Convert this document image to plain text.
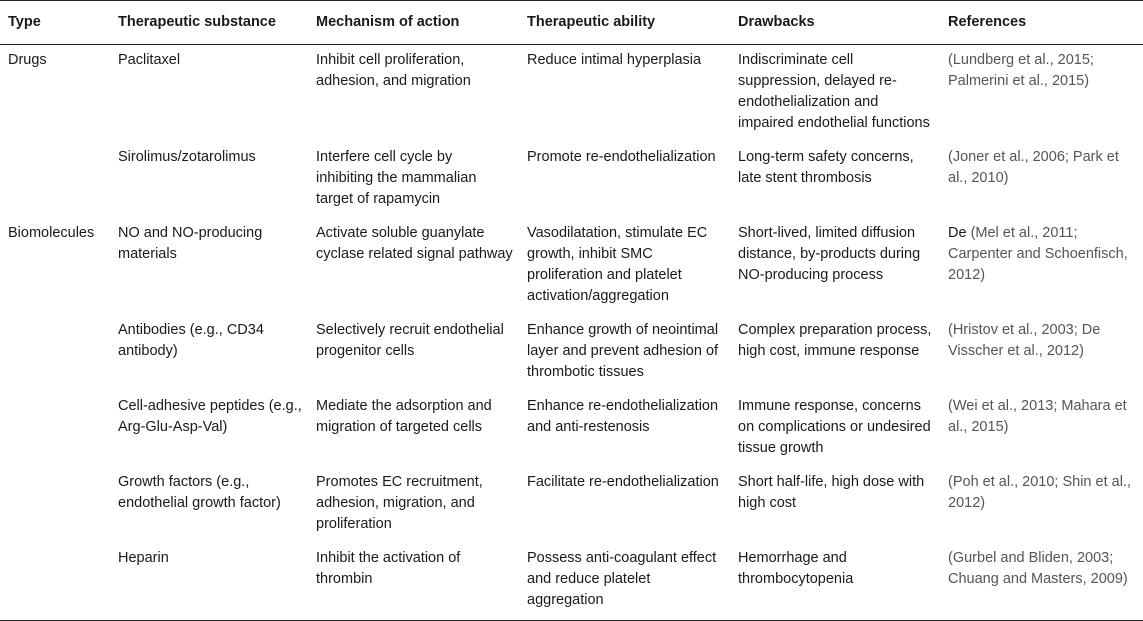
Type	Therapeutic substance	Mechanism of action	Therapeutic ability	Drawbacks	References
Drugs	Paclitaxel	Inhibit cell proliferation, adhesion, and migration	Reduce intimal hyperplasia	Indiscriminate cell suppression, delayed re-endothelialization and impaired endothelial functions	(Lundberg et al., 2015; Palmerini et al., 2015)
	Sirolimus/zotarolimus	Interfere cell cycle by inhibiting the mammalian target of rapamycin	Promote re-endothelialization	Long-term safety concerns, late stent thrombosis	(Joner et al., 2006; Park et al., 2010)
Biomolecules	NO and NO-producing materials	Activate soluble guanylate cyclase related signal pathway	Vasodilatation, stimulate EC growth, inhibit SMC proliferation and platelet activation/aggregation	Short-lived, limited diffusion distance, by-products during NO-producing process	De (Mel et al., 2011; Carpenter and Schoenfisch, 2012)
	Antibodies (e.g., CD34 antibody)	Selectively recruit endothelial progenitor cells	Enhance growth of neointimal layer and prevent adhesion of thrombotic tissues	Complex preparation process, high cost, immune response	(Hristov et al., 2003; De Visscher et al., 2012)
	Cell-adhesive peptides (e.g., Arg-Glu-Asp-Val)	Mediate the adsorption and migration of targeted cells	Enhance re-endothelialization and anti-restenosis	Immune response, concerns on complications or undesired tissue growth	(Wei et al., 2013; Mahara et al., 2015)
	Growth factors (e.g., endothelial growth factor)	Promotes EC recruitment, adhesion, migration, and proliferation	Facilitate re-endothelialization	Short half-life, high dose with high cost	(Poh et al., 2010; Shin et al., 2012)
	Heparin	Inhibit the activation of thrombin	Possess anti-coagulant effect and reduce platelet aggregation	Hemorrhage and thrombocytopenia	(Gurbel and Bliden, 2003; Chuang and Masters, 2009)
